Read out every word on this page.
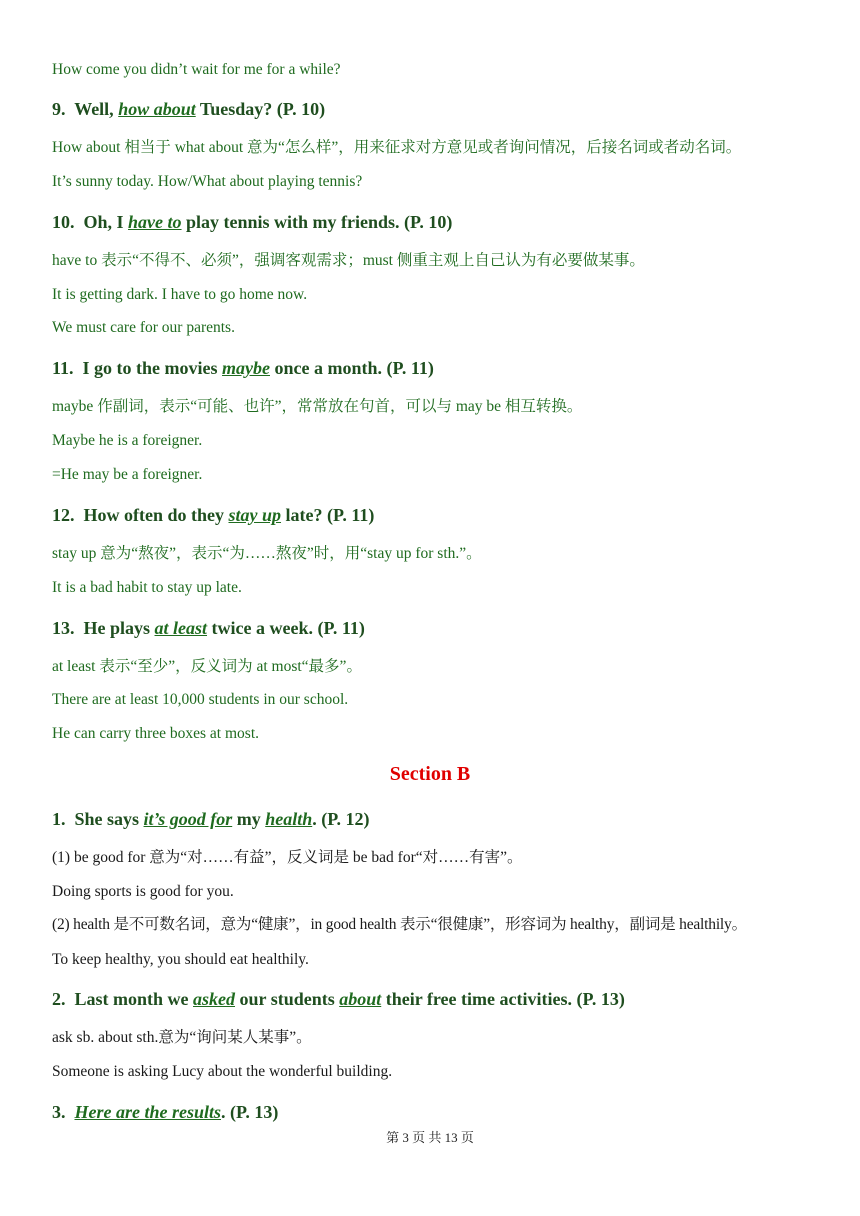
How come you didn’t wait for me for a while?
9. Well, how about Tuesday? (P. 10)
How about 相当于 what about 意为“怎么样”，用来征求对方意见或者询问情况，后接名词或者动名词。
It’s sunny today. How/What about playing tennis?
10. Oh, I have to play tennis with my friends. (P. 10)
have to 表示“不得不、必须”，强调客观需求；must 侧重主观上自己认为有必要做某事。
It is getting dark. I have to go home now.
We must care for our parents.
11. I go to the movies maybe once a month. (P. 11)
maybe 作副词，表示“可能、也许”，常常放在句首，可以与 may be 相互转换。
Maybe he is a foreigner.
=He may be a foreigner.
12. How often do they stay up late? (P. 11)
stay up 意为“熬夜”，表示“为……熬夜”时，用“stay up for sth.”。
It is a bad habit to stay up late.
13. He plays at least twice a week. (P. 11)
at least 表示“至少”，反义词为 at most“最多”。
There are at least 10,000 students in our school.
He can carry three boxes at most.
Section B
1. She says it’s good for my health. (P. 12)
(1) be good for 意为“对……有益”，反义词是 be bad for“对……有害”。
Doing sports is good for you.
(2) health 是不可数名词，意为“健康”，in good health 表示“很健康”，形容词为 healthy，副词是 healthily。
To keep healthy, you should eat healthily.
2. Last month we asked our students about their free time activities. (P. 13)
ask sb. about sth.意为“询问某人某事”。
Someone is asking Lucy about the wonderful building.
3. Here are the results. (P. 13)
第 3 页 共 13 页
